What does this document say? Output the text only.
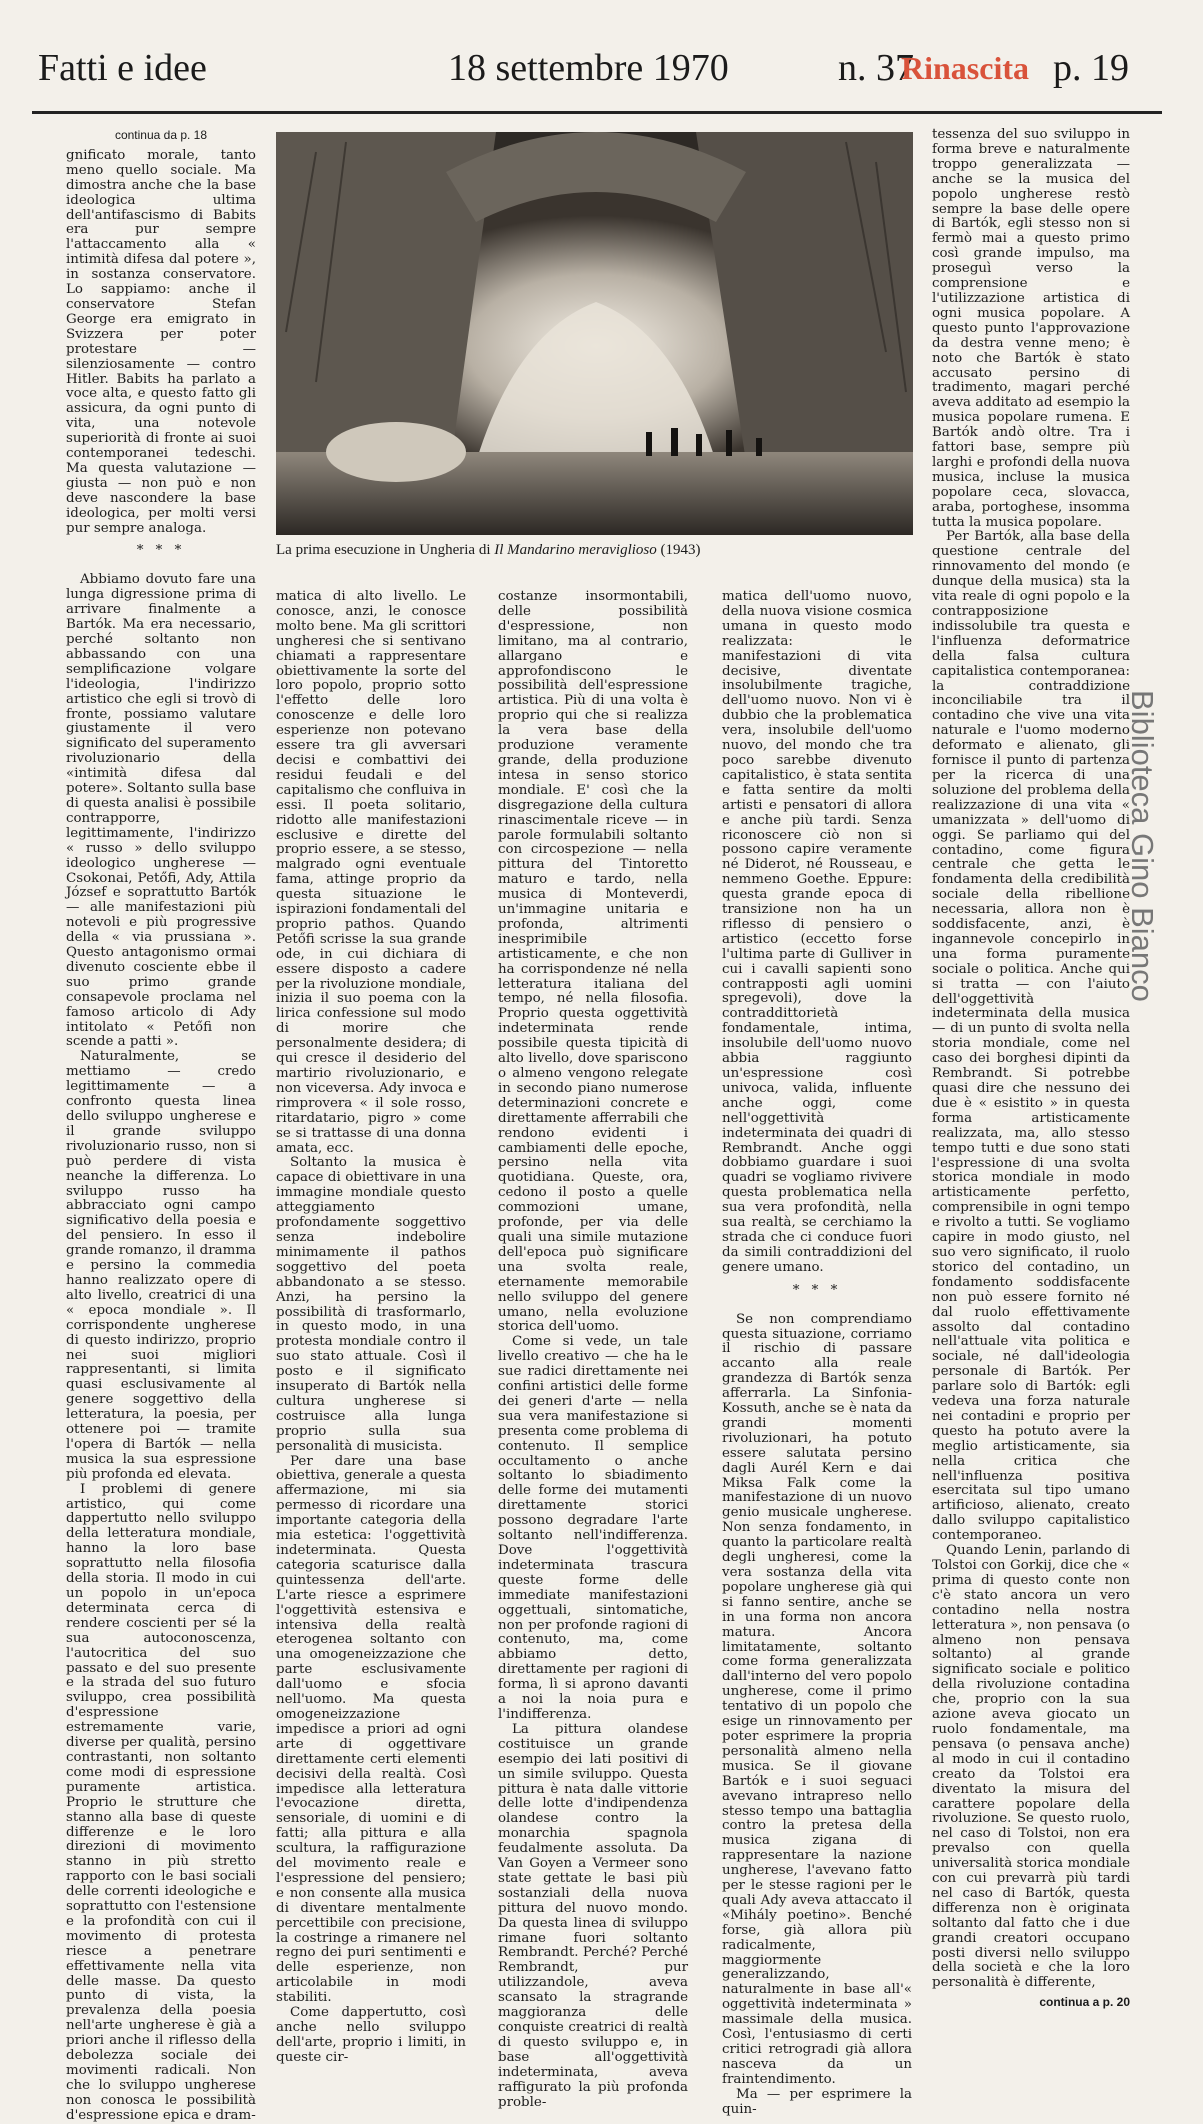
Fatti e idee	18 settembre 1970	n. 37
Rinascita p. 19
continua da p. 18

gnificato morale, tanto meno quello sociale. Ma dimostra anche che la base ideologica ultima dell'antifascismo di Babits era pur sempre l'attaccamento alla « intimità difesa dal potere », in sostanza conservatore. Lo sappiamo: anche il conservatore Stefan George era emigrato in Svizzera per poter protestare — silenziosamente — contro Hitler. Babits ha parlato a voce alta, e questo fatto gli assicura, da ogni punto di vita, una notevole superiorità di fronte ai suoi contemporanei tedeschi. Ma questa valutazione — giusta — non può e non deve nascondere la base ideologica, per molti versi pur sempre analoga.

* * *

Abbiamo dovuto fare una lunga digressione prima di arrivare finalmente a Bartók. Ma era necessario, perché soltanto non abbassando con una semplificazione volgare l'ideologia, l'indirizzo artistico che egli si trovò di fronte, possiamo valutare giustamente il vero significato del superamento rivoluzionario della «intimità difesa dal potere». Soltanto sulla base di questa analisi è possibile contrapporre, legittimamente, l'indirizzo « russo » dello sviluppo ideologico ungherese — Csokonai, Petőfi, Ady, Attila József e soprattutto Bartók — alle manifestazioni più notevoli e più progressive della « via prussiana ». Questo antagonismo ormai divenuto cosciente ebbe il suo primo grande consapevole proclama nel famoso articolo di Ady intitolato « Petőfi non scende a patti ».

Naturalmente, se mettiamo — credo legittimamente — a confronto questa linea dello sviluppo ungherese e il grande sviluppo rivoluzionario russo, non si può perdere di vista neanche la differenza. Lo sviluppo russo ha abbracciato ogni campo significativo della poesia e del pensiero. In esso il grande romanzo, il dramma e persino la commedia hanno realizzato opere di alto livello, creatrici di una « epoca mondiale ». Il corrispondente ungherese di questo indirizzo, proprio nei suoi migliori rappresentanti, si limita quasi esclusivamente al genere soggettivo della letteratura, la poesia, per ottenere poi — tramite l'opera di Bartók — nella musica la sua espressione più profonda ed elevata.

I problemi di genere artistico, qui come dappertutto nello sviluppo della letteratura mondiale, hanno la loro base soprattutto nella filosofia della storia. Il modo in cui un popolo in un'epoca determinata cerca di rendere coscienti per sé la sua autoconoscenza, l'autocritica del suo passato e del suo presente e la strada del suo futuro sviluppo, crea possibilità d'espressione estremamente varie, diverse per qualità, persino contrastanti, non soltanto come modi di espressione puramente artistica. Proprio le strutture che stanno alla base di queste differenze e le loro direzioni di movimento stanno in più stretto rapporto con le basi sociali delle correnti ideologiche e soprattutto con l'estensione e la profondità con cui il movimento di protesta riesce a penetrare effettivamente nella vita delle masse. Da questo punto di vista, la prevalenza della poesia nell'arte ungherese è già a priori anche il riflesso della debolezza sociale dei movimenti radicali. Non che lo sviluppo ungherese non conosca le possibilità d'espressione epica e dram-

La prima esecuzione in Ungheria di Il Mandarino meraviglioso (1943)

matica di alto livello. Le conosce, anzi, le conosce molto bene. Ma gli scrittori ungheresi che si sentivano chiamati a rappresentare obiettivamente la sorte del loro popolo, proprio sotto l'effetto delle loro conoscenze e delle loro esperienze non potevano essere tra gli avversari decisi e combattivi dei residui feudali e del capitalismo che confluiva in essi. Il poeta solitario, ridotto alle manifestazioni esclusive e dirette del proprio essere, a se stesso, malgrado ogni eventuale fama, attinge proprio da questa situazione le ispirazioni fondamentali del proprio pathos. Quando Petőfi scrisse la sua grande ode, in cui dichiara di essere disposto a cadere per la rivoluzione mondiale, inizia il suo poema con la lirica confessione sul modo di morire che personalmente desidera; di qui cresce il desiderio del martirio rivoluzionario, e non viceversa. Ady invoca e rimprovera « il sole rosso, ritardatario, pigro » come se si trattasse di una donna amata, ecc.

Soltanto la musica è capace di obiettivare in una immagine mondiale questo atteggiamento profondamente soggettivo senza indebolire minimamente il pathos soggettivo del poeta abbandonato a se stesso. Anzi, ha persino la possibilità di trasformarlo, in questo modo, in una protesta mondiale contro il suo stato attuale. Così il posto e il significato insuperato di Bartók nella cultura ungherese si costruisce alla lunga proprio sulla sua personalità di musicista.

Per dare una base obiettiva, generale a questa affermazione, mi sia permesso di ricordare una importante categoria della mia estetica: l'oggettività indeterminata. Questa categoria scaturisce dalla quintessenza dell'arte. L'arte riesce a esprimere l'oggettività estensiva e intensiva della realtà eterogenea soltanto con una omogeneizzazione che parte esclusivamente dall'uomo e sfocia nell'uomo. Ma questa omogeneizzazione impedisce a priori ad ogni arte di oggettivare direttamente certi elementi decisivi della realtà. Così impedisce alla letteratura l'evocazione diretta, sensoriale, di uomini e di fatti; alla pittura e alla scultura, la raffigurazione del movimento reale e l'espressione del pensiero; e non consente alla musica di diventare mentalmente percettibile con precisione, la costringe a rimanere nel regno dei puri sentimenti e delle esperienze, non articolabile in modi stabiliti.

Come dappertutto, così anche nello sviluppo dell'arte, proprio i limiti, in queste cir-

costanze insormontabili, delle possibilità d'espressione, non limitano, ma al contrario, allargano e approfondiscono le possibilità dell'espressione artistica. Più di una volta è proprio qui che si realizza la vera base della produzione veramente grande, della produzione intesa in senso storico mondiale. E' così che la disgregazione della cultura rinascimentale riceve — in parole formulabili soltanto con circospezione — nella pittura del Tintoretto maturo e tardo, nella musica di Monteverdi, un'immagine unitaria e profonda, altrimenti inesprimibile artisticamente, e che non ha corrispondenze né nella letteratura italiana del tempo, né nella filosofia. Proprio questa oggettività indeterminata rende possibile questa tipicità di alto livello, dove spariscono o almeno vengono relegate in secondo piano numerose determinazioni concrete e direttamente afferrabili che rendono evidenti i cambiamenti delle epoche, persino nella vita quotidiana. Queste, ora, cedono il posto a quelle commozioni umane, profonde, per via delle quali una simile mutazione dell'epoca può significare una svolta reale, eternamente memorabile nello sviluppo del genere umano, nella evoluzione storica dell'uomo.

Come si vede, un tale livello creativo — che ha le sue radici direttamente nei confini artistici delle forme dei generi d'arte — nella sua vera manifestazione si presenta come problema di contenuto. Il semplice occultamento o anche soltanto lo sbiadimento delle forme dei mutamenti direttamente storici possono degradare l'arte soltanto nell'indifferenza. Dove l'oggettività indeterminata trascura queste forme delle immediate manifestazioni oggettuali, sintomatiche, non per profonde ragioni di contenuto, ma, come abbiamo detto, direttamente per ragioni di forma, lì si aprono davanti a noi la noia pura e l'indifferenza.

La pittura olandese costituisce un grande esempio dei lati positivi di un simile sviluppo. Questa pittura è nata dalle vittorie delle lotte d'indipendenza olandese contro la monarchia spagnola feudalmente assoluta. Da Van Goyen a Vermeer sono state gettate le basi più sostanziali della nuova pittura del nuovo mondo. Da questa linea di sviluppo rimane fuori soltanto Rembrandt. Perché? Perché Rembrandt, pur utilizzandole, aveva scansato la stragrande maggioranza delle conquiste creatrici di realtà di questo sviluppo e, in base all'oggettività indeterminata, aveva raffigurato la più profonda proble-

matica dell'uomo nuovo, della nuova visione cosmica umana in questo modo realizzata: le manifestazioni di vita decisive, diventate insolubilmente tragiche, dell'uomo nuovo. Non vi è dubbio che la problematica vera, insolubile dell'uomo nuovo, del mondo che tra poco sarebbe divenuto capitalistico, è stata sentita e fatta sentire da molti artisti e pensatori di allora e anche più tardi. Senza riconoscere ciò non si possono capire veramente né Diderot, né Rousseau, e nemmeno Goethe. Eppure: questa grande epoca di transizione non ha un riflesso di pensiero o artistico (eccetto forse l'ultima parte di Gulliver in cui i cavalli sapienti sono contrapposti agli uomini spregevoli), dove la contraddittorietà fondamentale, intima, insolubile dell'uomo nuovo abbia raggiunto un'espressione così univoca, valida, influente anche oggi, come nell'oggettività indeterminata dei quadri di Rembrandt. Anche oggi dobbiamo guardare i suoi quadri se vogliamo rivivere questa problematica nella sua vera profondità, nella sua realtà, se cerchiamo la strada che ci conduce fuori da simili contraddizioni del genere umano.

* * *

Se non comprendiamo questa situazione, corriamo il rischio di passare accanto alla reale grandezza di Bartók senza afferrarla. La Sinfonia-Kossuth, anche se è nata da grandi momenti rivoluzionari, ha potuto essere salutata persino dagli Aurél Kern e dai Miksa Falk come la manifestazione di un nuovo genio musicale ungherese. Non senza fondamento, in quanto la particolare realtà degli ungheresi, come la vera sostanza della vita popolare ungherese già qui si fanno sentire, anche se in una forma non ancora matura. Ancora limitatamente, soltanto come forma generalizzata dall'interno del vero popolo ungherese, come il primo tentativo di un popolo che esige un rinnovamento per poter esprimere la propria personalità almeno nella musica. Se il giovane Bartók e i suoi seguaci avevano intrapreso nello stesso tempo una battaglia contro la pretesa della musica zigana di rappresentare la nazione ungherese, l'avevano fatto per le stesse ragioni per le quali Ady aveva attaccato il «Mihály poetino». Benché forse, già allora più radicalmente, maggiormente generalizzando, naturalmente in base all'« oggettività indeterminata » massimale della musica. Così, l'entusiasmo di certi critici retrogradi già allora nasceva da un fraintendimento.

Ma — per esprimere la quin-

tessenza del suo sviluppo in forma breve e naturalmente troppo generalizzata — anche se la musica del popolo ungherese restò sempre la base delle opere di Bartók, egli stesso non si fermò mai a questo primo così grande impulso, ma proseguì verso la comprensione e l'utilizzazione artistica di ogni musica popolare. A questo punto l'approvazione da destra venne meno; è noto che Bartók è stato accusato persino di tradimento, magari perché aveva additato ad esempio la musica popolare rumena. E Bartók andò oltre. Tra i fattori base, sempre più larghi e profondi della nuova musica, incluse la musica popolare ceca, slovacca, araba, portoghese, insomma tutta la musica popolare.

Per Bartók, alla base della questione centrale del rinnovamento del mondo (e dunque della musica) sta la vita reale di ogni popolo e la contrapposizione indissolubile tra questa e l'influenza deformatrice della falsa cultura capitalistica contemporanea: la contraddizione inconciliabile tra il contadino che vive una vita naturale e l'uomo moderno deformato e alienato, gli fornisce il punto di partenza per la ricerca di una soluzione del problema della realizzazione di una vita « umanizzata » dell'uomo di oggi. Se parliamo qui del contadino, come figura centrale che getta le fondamenta della credibilità sociale della ribellione necessaria, allora non è soddisfacente, anzi, è ingannevole concepirlo in una forma puramente sociale o politica. Anche qui si tratta — con l'aiuto dell'oggettività indeterminata della musica — di un punto di svolta nella storia mondiale, come nel caso dei borghesi dipinti da Rembrandt. Si potrebbe quasi dire che nessuno dei due è « esistito » in questa forma artisticamente realizzata, ma, allo stesso tempo tutti e due sono stati l'espressione di una svolta storica mondiale in modo artisticamente perfetto, comprensibile in ogni tempo e rivolto a tutti. Se vogliamo capire in modo giusto, nel suo vero significato, il ruolo storico del contadino, un fondamento soddisfacente non può essere fornito né dal ruolo effettivamente assolto dal contadino nell'attuale vita politica e sociale, né dall'ideologia personale di Bartók. Per parlare solo di Bartók: egli vedeva una forza naturale nei contadini e proprio per questo ha potuto avere la meglio artisticamente, sia nella critica che nell'influenza positiva esercitata sul tipo umano artificioso, alienato, creato dallo sviluppo capitalistico contemporaneo.

Quando Lenin, parlando di Tolstoi con Gorkij, dice che « prima di questo conte non c'è stato ancora un vero contadino nella nostra letteratura », non pensava (o almeno non pensava soltanto) al grande significato sociale e politico della rivoluzione contadina che, proprio con la sua azione aveva giocato un ruolo fondamentale, ma pensava (o pensava anche) al modo in cui il contadino creato da Tolstoi era diventato la misura del carattere popolare della rivoluzione. Se questo ruolo, nel caso di Tolstoi, non era prevalso con quella universalità storica mondiale con cui prevarrà più tardi nel caso di Bartók, questa differenza non è originata soltanto dal fatto che i due grandi creatori occupano posti diversi nello sviluppo della società e che la loro personalità è differente,

continua a p. 20
Biblioteca Gino Bianco
